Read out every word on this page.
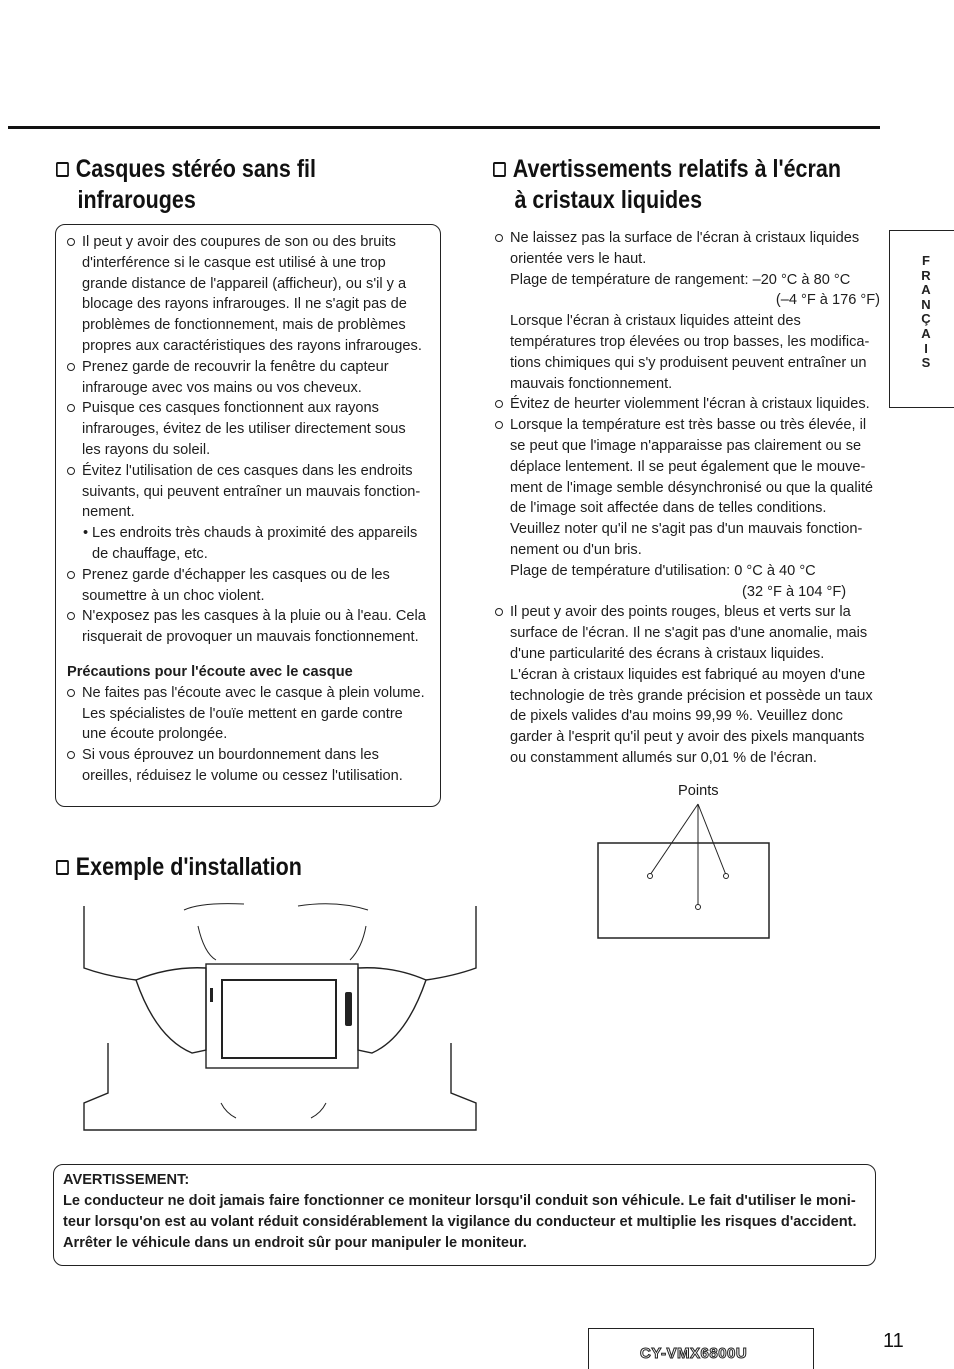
Casques stéréo sans fil
infrarouges

Il peut y avoir des coupures de son ou des bruits

d'interférence si le casque est utilisé à une trop

grande distance de l'appareil (afficheur), ou s'il y a

blocage des rayons infrarouges. Il ne s'agit pas de

problèmes de fonctionnement, mais de problèmes

propres aux caractéristiques des rayons infrarouges.

Prenez garde de recouvrir la fenêtre du capteur

infrarouge avec vos mains ou vos cheveux.

Puisque ces casques fonctionnent aux rayons

infrarouges, évitez de les utiliser directement sous

les rayons du soleil.

Évitez l'utilisation de ces casques dans les endroits

suivants, qui peuvent entraîner un mauvais fonction-

nement.

• Les endroits très chauds à proximité des appareils

de chauffage, etc.

Prenez garde d'échapper les casques ou de les

soumettre à un choc violent.

N'exposez pas les casques à la pluie ou à l'eau. Cela

risquerait de provoquer un mauvais fonctionnement.

Précautions pour l'écoute avec le casque

Ne faites pas l'écoute avec le casque à plein volume.

Les spécialistes de l'ouïe mettent en garde contre

une écoute prolongée.

Si vous éprouvez un bourdonnement dans les

oreilles, réduisez le volume ou cessez l'utilisation.

Avertissements relatifs à l'écran
à cristaux liquides

Ne laissez pas la surface de l'écran à cristaux liquides

orientée vers le haut.

Plage de température de rangement: –20 °C à 80 °C

(–4 °F à 176 °F)

Lorsque l'écran à cristaux liquides atteint des

températures trop élevées ou trop basses, les modifica-

tions chimiques qui s'y produisent peuvent entraîner un

mauvais fonctionnement.

Évitez de heurter violemment l'écran à cristaux liquides.

Lorsque la température est très basse ou très élevée, il

se peut que l'image n'apparaisse pas clairement ou se

déplace lentement. Il se peut également que le mouve-

ment de l'image semble désynchronisé ou que la qualité

de l'image soit affectée dans de telles conditions.

Veuillez noter qu'il ne s'agit pas d'un mauvais fonction-

nement ou d'un bris.

Plage de température d'utilisation: 0 °C à 40 °C

(32 °F à 104 °F)

Il peut y avoir des points rouges, bleus et verts sur la

surface de l'écran. Il ne s'agit pas d'une anomalie, mais

d'une particularité des écrans à cristaux liquides.

L'écran à cristaux liquides est fabriqué au moyen d'une

technologie de très grande précision et possède un taux

de pixels valides d'au moins 99,99 %. Veuillez donc

garder à l'esprit qu'il peut y avoir des pixels manquants

ou constamment allumés sur 0,01 % de l'écran.

Points
Exemple d'installation

AVERTISSEMENT:

Le conducteur ne doit jamais faire fonctionner ce moniteur lorsqu'il conduit son véhicule. Le fait d'utiliser le moni-

teur lorsqu'on est au volant réduit considérablement la vigilance du conducteur et multiplie les risques d'accident.

Arrêter le véhicule dans un endroit sûr pour manipuler le moniteur.

F
R
A
N
Ç
A
I
S
CY-VMX6800U
11
